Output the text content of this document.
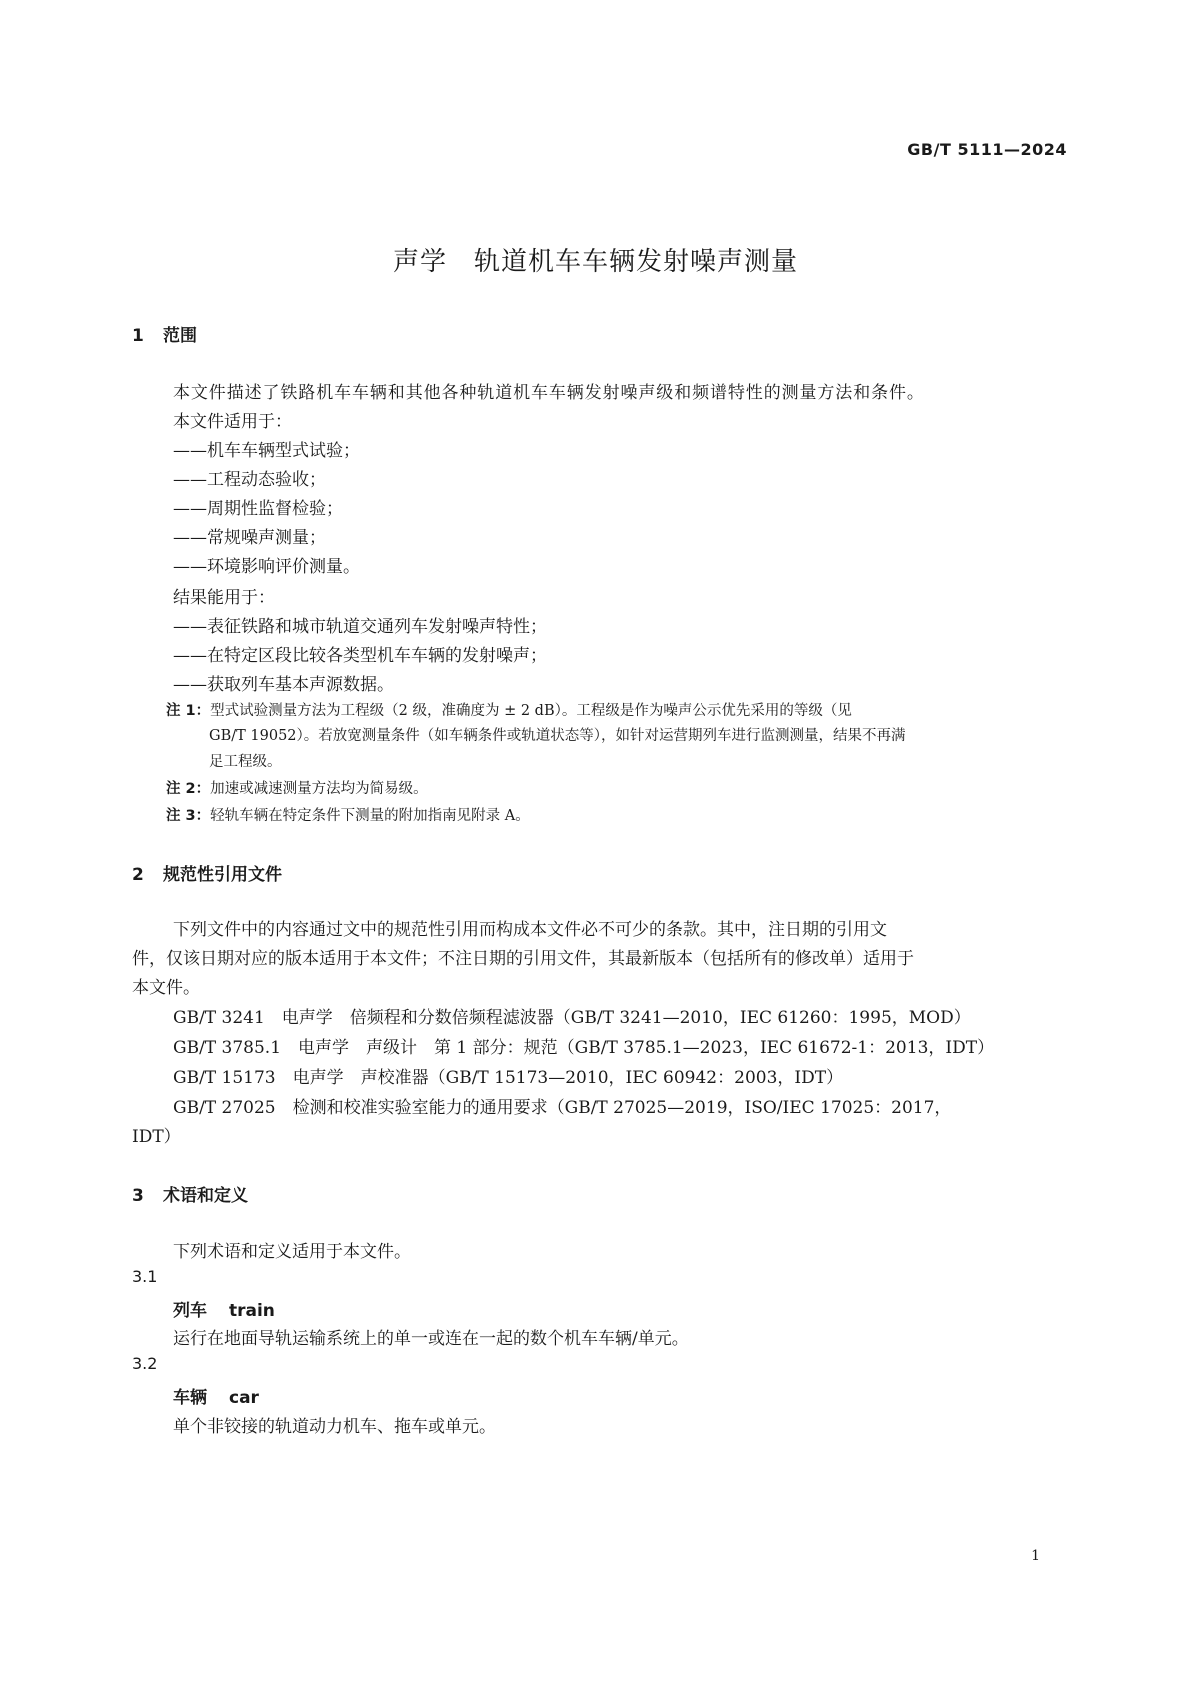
GB/T 5111—2024
声学　轨道机车车辆发射噪声测量
1 范围
本文件描述了铁路机车车辆和其他各种轨道机车车辆发射噪声级和频谱特性的测量方法和条件。
本文件适用于：
——机车车辆型式试验；
——工程动态验收；
——周期性监督检验；
——常规噪声测量；
——环境影响评价测量。
结果能用于：
——表征铁路和城市轨道交通列车发射噪声特性；
——在特定区段比较各类型机车车辆的发射噪声；
——获取列车基本声源数据。
注 1：型式试验测量方法为工程级（2 级，准确度为 ± 2 dB）。工程级是作为噪声公示优先采用的等级（见
GB/T 19052）。若放宽测量条件（如车辆条件或轨道状态等），如针对运营期列车进行监测测量，结果不再满
足工程级。
注 2：加速或减速测量方法均为简易级。
注 3：轻轨车辆在特定条件下测量的附加指南见附录 A。
2 规范性引用文件
下列文件中的内容通过文中的规范性引用而构成本文件必不可少的条款。其中，注日期的引用文
件，仅该日期对应的版本适用于本文件；不注日期的引用文件，其最新版本（包括所有的修改单）适用于
本文件。
GB/T 3241　电声学　倍频程和分数倍频程滤波器（GB/T 3241—2010，IEC 61260：1995，MOD）
GB/T 3785.1　电声学　声级计　第 1 部分：规范（GB/T 3785.1—2023，IEC 61672-1：2013，IDT）
GB/T 15173　电声学　声校准器（GB/T 15173—2010，IEC 60942：2003，IDT）
GB/T 27025　检测和校准实验室能力的通用要求（GB/T 27025—2019，ISO/IEC 17025：2017，
IDT）
3 术语和定义
下列术语和定义适用于本文件。
3.1
列车 train
运行在地面导轨运输系统上的单一或连在一起的数个机车车辆/单元。
3.2
车辆 car
单个非铰接的轨道动力机车、拖车或单元。
1
